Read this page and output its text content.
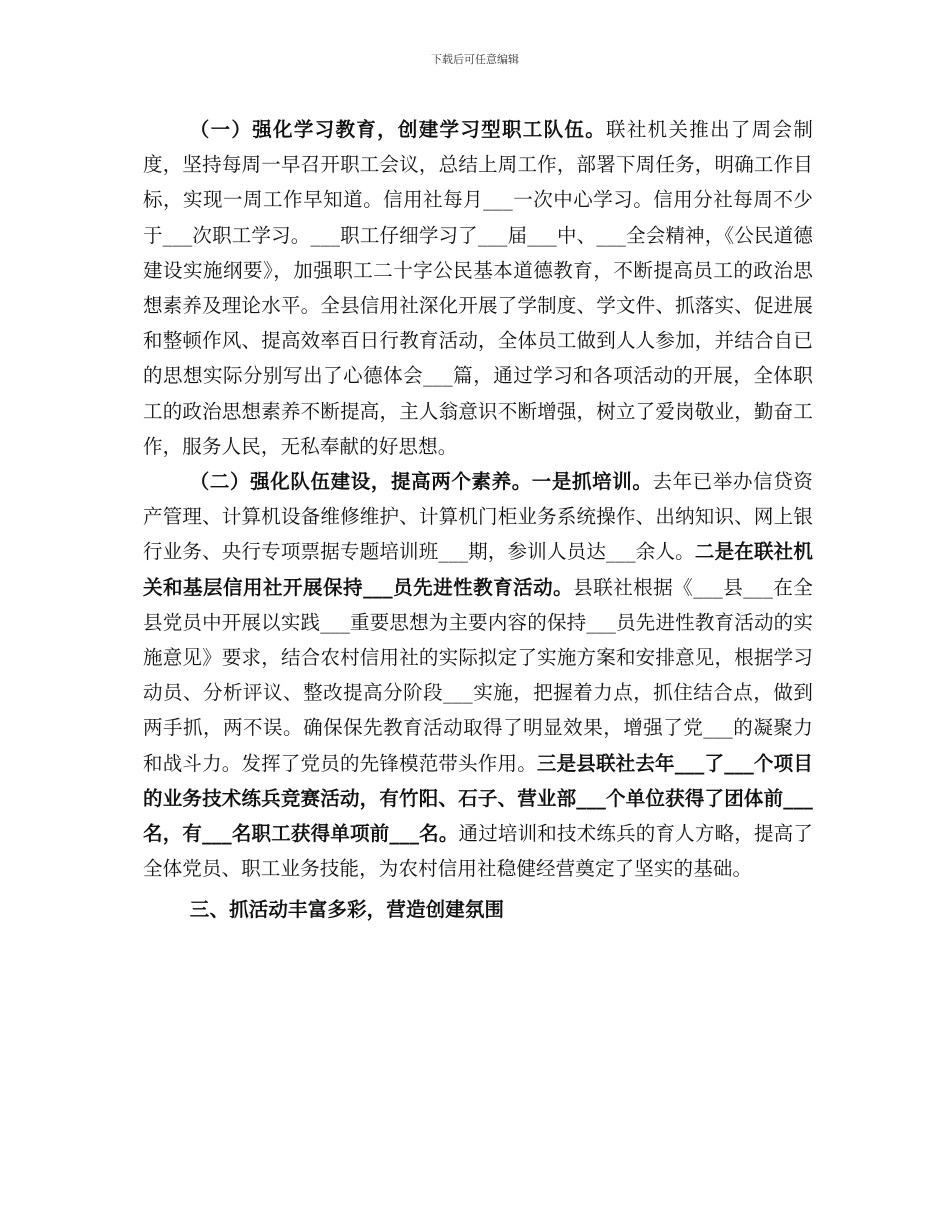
下载后可任意编辑

（一）强化学习教育，创建学习型职工队伍。联社机关推出了周会制度，坚持每周一早召开职工会议，总结上周工作，部署下周任务，明确工作目标，实现一周工作早知道。信用社每月___一次中心学习。信用分社每周不少于___次职工学习。___职工仔细学习了___届___中、___全会精神，《公民道德建设实施纲要》，加强职工二十字公民基本道德教育，不断提高员工的政治思想素养及理论水平。全县信用社深化开展了学制度、学文件、抓落实、促进展和整顿作风、提高效率百日行教育活动，全体员工做到人人参加，并结合自已的思想实际分别写出了心德体会___篇，通过学习和各项活动的开展，全体职工的政治思想素养不断提高，主人翁意识不断增强，树立了爱岗敬业，勤奋工作，服务人民，无私奉献的好思想。

（二）强化队伍建设，提高两个素养。一是抓培训。去年已举办信贷资产管理、计算机设备维修维护、计算机门柜业务系统操作、出纳知识、网上银行业务、央行专项票据专题培训班___期，参训人员达___余人。二是在联社机关和基层信用社开展保持___员先进性教育活动。县联社根据《___县___在全县党员中开展以实践___重要思想为主要内容的保持___员先进性教育活动的实施意见》要求，结合农村信用社的实际拟定了实施方案和安排意见，根据学习动员、分析评议、整改提高分阶段___实施，把握着力点，抓住结合点，做到两手抓，两不误。确保保先教育活动取得了明显效果，增强了党___的凝聚力和战斗力。发挥了党员的先锋模范带头作用。三是县联社去年___了___个项目的业务技术练兵竞赛活动，有竹阳、石子、营业部___个单位获得了团体前___名，有___名职工获得单项前___名。通过培训和技术练兵的育人方略，提高了全体党员、职工业务技能，为农村信用社稳健经营奠定了坚实的基础。

三、抓活动丰富多彩，营造创建氛围
